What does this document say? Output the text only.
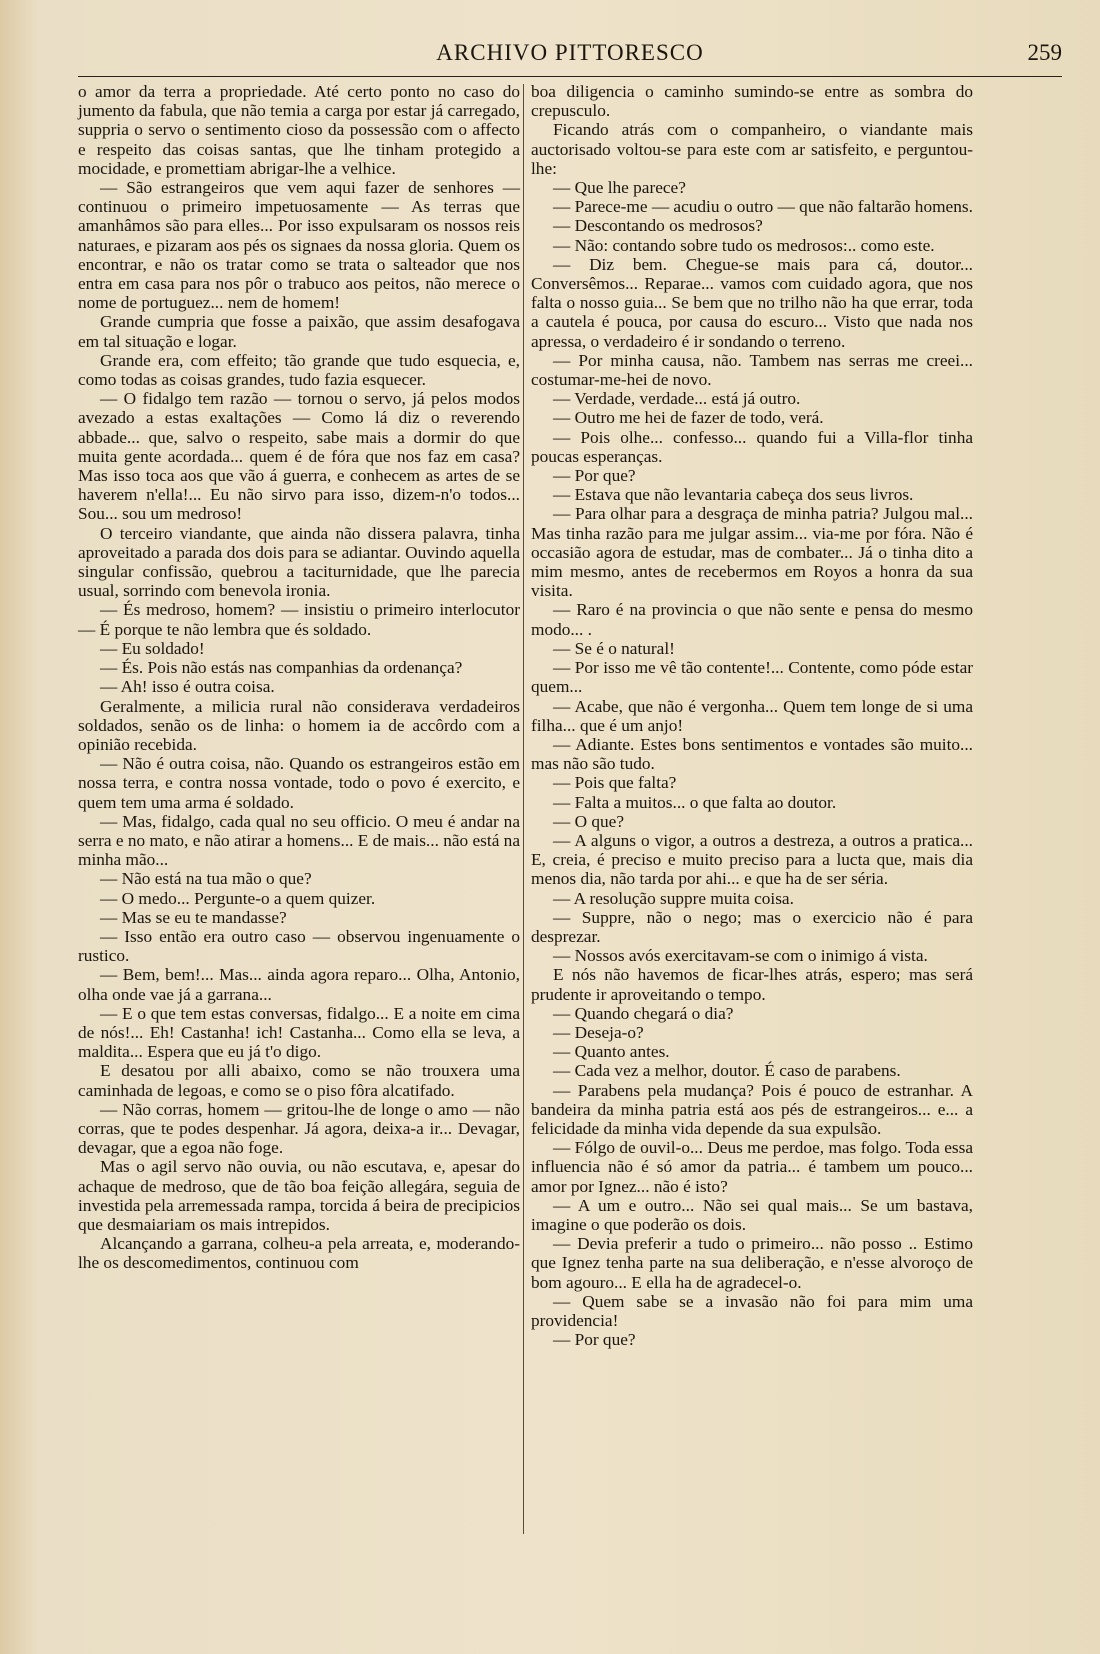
ARCHIVO PITTORESCO	259

o amor da terra a propriedade. Até certo ponto no caso do jumento da fabula, que não temia a carga por estar já carregado, suppria o servo o sentimento cioso da possessão com o affecto e respeito das coisas santas, que lhe tinham protegido a mocidade, e promettiam abrigar-lhe a velhice.

— São estrangeiros que vem aqui fazer de senhores — continuou o primeiro impetuosamente — As terras que amanhâmos são para elles... Por isso expulsaram os nossos reis naturaes, e pizaram aos pés os signaes da nossa gloria. Quem os encontrar, e não os tratar como se trata o salteador que nos entra em casa para nos pôr o trabuco aos peitos, não merece o nome de portuguez... nem de homem!

Grande cumpria que fosse a paixão, que assim desafogava em tal situação e logar.

Grande era, com effeito; tão grande que tudo esquecia, e, como todas as coisas grandes, tudo fazia esquecer.

— O fidalgo tem razão — tornou o servo, já pelos modos avezado a estas exaltações — Como lá diz o reverendo abbade... que, salvo o respeito, sabe mais a dormir do que muita gente acordada... quem é de fóra que nos faz em casa? Mas isso toca aos que vão á guerra, e conhecem as artes de se haverem n'ella!... Eu não sirvo para isso, dizem-n'o todos... Sou... sou um medroso!

O terceiro viandante, que ainda não dissera palavra, tinha aproveitado a parada dos dois para se adiantar. Ouvindo aquella singular confissão, quebrou a taciturnidade, que lhe parecia usual, sorrindo com benevola ironia.

— És medroso, homem? — insistiu o primeiro interlocutor — É porque te não lembra que és soldado.

— Eu soldado!

— És. Pois não estás nas companhias da ordenança?

— Ah! isso é outra coisa.

Geralmente, a milicia rural não considerava verdadeiros soldados, senão os de linha: o homem ia de accôrdo com a opinião recebida.

— Não é outra coisa, não. Quando os estrangeiros estão em nossa terra, e contra nossa vontade, todo o povo é exercito, e quem tem uma arma é soldado.

— Mas, fidalgo, cada qual no seu officio. O meu é andar na serra e no mato, e não atirar a homens... E de mais... não está na minha mão...

— Não está na tua mão o que?

— O medo... Pergunte-o a quem quizer.

— Mas se eu te mandasse?

— Isso então era outro caso — observou ingenuamente o rustico.

— Bem, bem!... Mas... ainda agora reparo... Olha, Antonio, olha onde vae já a garrana...

— E o que tem estas conversas, fidalgo... E a noite em cima de nós!... Eh! Castanha! ich! Castanha... Como ella se leva, a maldita... Espera que eu já t'o digo.

E desatou por alli abaixo, como se não trouxera uma caminhada de legoas, e como se o piso fôra alcatifado.

— Não corras, homem — gritou-lhe de longe o amo — não corras, que te podes despenhar. Já agora, deixa-a ir... Devagar, devagar, que a egoa não foge.

Mas o agil servo não ouvia, ou não escutava, e, apesar do achaque de medroso, que de tão boa feição allegára, seguia de investida pela arremessada rampa, torcida á beira de precipicios que desmaiariam os mais intrepidos.

Alcançando a garrana, colheu-a pela arreata, e, moderando-lhe os descomedimentos, continuou com

boa diligencia o caminho sumindo-se entre as sombra do crepusculo.

Ficando atrás com o companheiro, o viandante mais auctorisado voltou-se para este com ar satisfeito, e perguntou-lhe:

— Que lhe parece?

— Parece-me — acudiu o outro — que não faltarão homens.

— Descontando os medrosos?

— Não: contando sobre tudo os medrosos:.. como este.

— Diz bem. Chegue-se mais para cá, doutor... Conversêmos... Reparae... vamos com cuidado agora, que nos falta o nosso guia... Se bem que no trilho não ha que errar, toda a cautela é pouca, por causa do escuro... Visto que nada nos apressa, o verdadeiro é ir sondando o terreno.

— Por minha causa, não. Tambem nas serras me creei... costumar-me-hei de novo.

— Verdade, verdade... está já outro.

— Outro me hei de fazer de todo, verá.

— Pois olhe... confesso... quando fui a Villa-flor tinha poucas esperanças.

— Por que?

— Estava que não levantaria cabeça dos seus livros.

— Para olhar para a desgraça de minha patria? Julgou mal... Mas tinha razão para me julgar assim... via-me por fóra. Não é occasião agora de estudar, mas de combater... Já o tinha dito a mim mesmo, antes de recebermos em Royos a honra da sua visita.

— Raro é na provincia o que não sente e pensa do mesmo modo... .

— Se é o natural!

— Por isso me vê tão contente!... Contente, como póde estar quem...

— Acabe, que não é vergonha... Quem tem longe de si uma filha... que é um anjo!

— Adiante. Estes bons sentimentos e vontades são muito... mas não são tudo.

— Pois que falta?

— Falta a muitos... o que falta ao doutor.

— O que?

— A alguns o vigor, a outros a destreza, a outros a pratica... E, creia, é preciso e muito preciso para a lucta que, mais dia menos dia, não tarda por ahi... e que ha de ser séria.

— A resolução suppre muita coisa.

— Suppre, não o nego; mas o exercicio não é para desprezar.

— Nossos avós exercitavam-se com o inimigo á vista.

E nós não havemos de ficar-lhes atrás, espero; mas será prudente ir aproveitando o tempo.

— Quando chegará o dia?

— Deseja-o?

— Quanto antes.

— Cada vez a melhor, doutor. É caso de parabens.

— Parabens pela mudança? Pois é pouco de estranhar. A bandeira da minha patria está aos pés de estrangeiros... e... a felicidade da minha vida depende da sua expulsão.

— Fólgo de ouvil-o... Deus me perdoe, mas folgo. Toda essa influencia não é só amor da patria... é tambem um pouco... amor por Ignez... não é isto?

— A um e outro... Não sei qual mais... Se um bastava, imagine o que poderão os dois.

— Devia preferir a tudo o primeiro... não posso .. Estimo que Ignez tenha parte na sua deliberação, e n'esse alvoroço de bom agouro... E ella ha de agradecel-o.

— Quem sabe se a invasão não foi para mim uma providencia!

— Por que?
